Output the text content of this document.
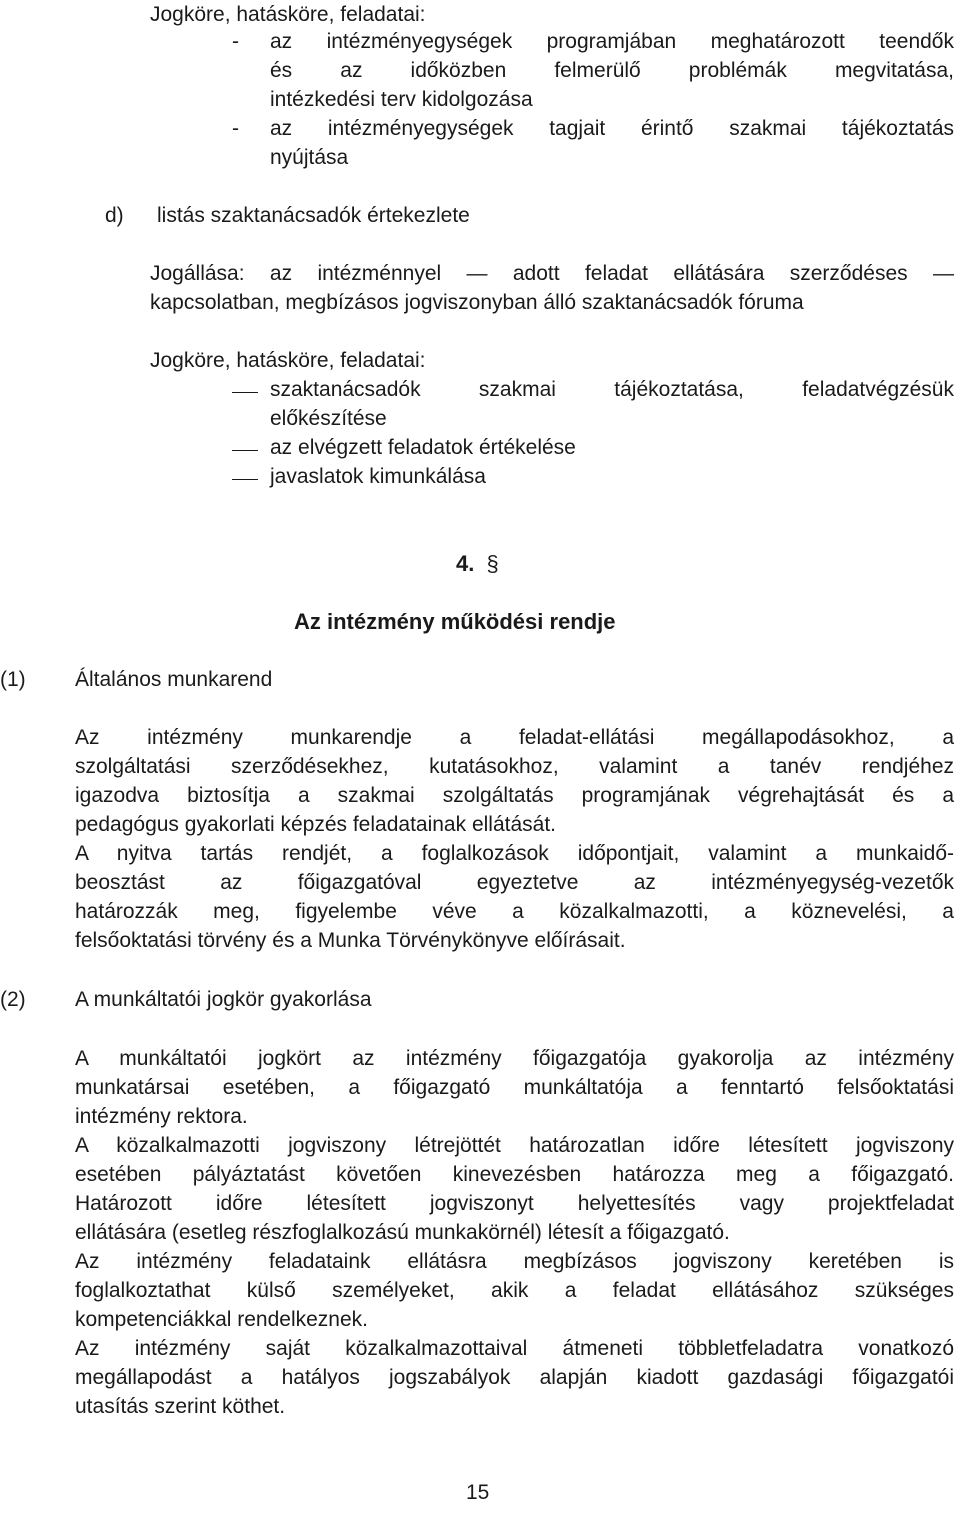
Jogköre, hatásköre, feladatai:
- az intézményegységek programjában meghatározott teendők
és az időközben felmerülő problémák megvitatása,
intézkedési terv kidolgozása
- az intézményegységek tagjait érintő szakmai tájékoztatás
nyújtása
d) listás szaktanácsadók értekezlete
Jogállása: az intézménnyel ― adott feladat ellátására szerződéses ―
kapcsolatban, megbízásos jogviszonyban álló szaktanácsadók fóruma
Jogköre, hatásköre, feladatai:
szaktanácsadók szakmai tájékoztatása, feladatvégzésük
előkészítése
az elvégzett feladatok értékelése
javaslatok kimunkálása
4. §
Az intézmény működési rendje
(1) Általános munkarend
Az intézmény munkarendje a feladat-ellátási megállapodásokhoz, a
szolgáltatási szerződésekhez, kutatásokhoz, valamint a tanév rendjéhez
igazodva biztosítja a szakmai szolgáltatás programjának végrehajtását és a
pedagógus gyakorlati képzés feladatainak ellátását.
A nyitva tartás rendjét, a foglalkozások időpontjait, valamint a munkaidő-
beosztást az főigazgatóval egyeztetve az intézményegység-vezetők
határozzák meg, figyelembe véve a közalkalmazotti, a köznevelési, a
felsőoktatási törvény és a Munka Törvénykönyve előírásait.
(2) A munkáltatói jogkör gyakorlása
A munkáltatói jogkört az intézmény főigazgatója gyakorolja az intézmény
munkatársai esetében, a főigazgató munkáltatója a fenntartó felsőoktatási
intézmény rektora.
A közalkalmazotti jogviszony létrejöttét határozatlan időre létesített jogviszony
esetében pályáztatást követően kinevezésben határozza meg a főigazgató.
Határozott időre létesített jogviszonyt helyettesítés vagy projektfeladat
ellátására (esetleg részfoglalkozású munkakörnél) létesít a főigazgató.
Az intézmény feladataink ellátásra megbízásos jogviszony keretében is
foglalkoztathat külső személyeket, akik a feladat ellátásához szükséges
kompetenciákkal rendelkeznek.
Az intézmény saját közalkalmazottaival átmeneti többletfeladatra vonatkozó
megállapodást a hatályos jogszabályok alapján kiadott gazdasági főigazgatói
utasítás szerint köthet.
15
